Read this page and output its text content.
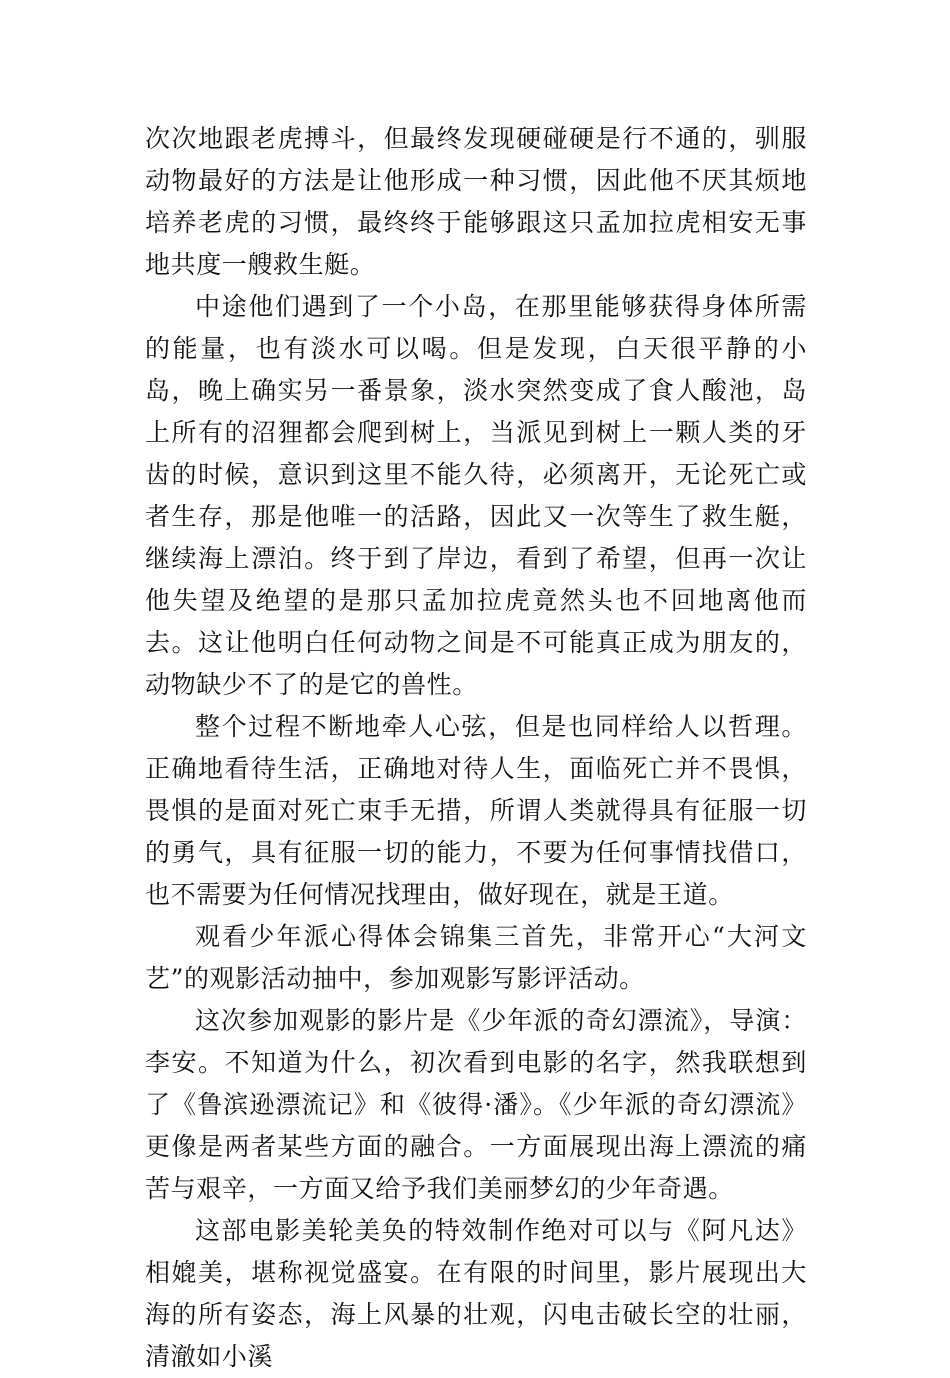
次次地跟老虎搏斗，但最终发现硬碰硬是行不通的，驯服动物最好的方法是让他形成一种习惯，因此他不厌其烦地培养老虎的习惯，最终终于能够跟这只孟加拉虎相安无事地共度一艘救生艇。

中途他们遇到了一个小岛，在那里能够获得身体所需的能量，也有淡水可以喝。但是发现，白天很平静的小岛，晚上确实另一番景象，淡水突然变成了食人酸池，岛上所有的沼狸都会爬到树上，当派见到树上一颗人类的牙齿的时候，意识到这里不能久待，必须离开，无论死亡或者生存，那是他唯一的活路，因此又一次等生了救生艇，继续海上漂泊。终于到了岸边，看到了希望，但再一次让他失望及绝望的是那只孟加拉虎竟然头也不回地离他而去。这让他明白任何动物之间是不可能真正成为朋友的，动物缺少不了的是它的兽性。

整个过程不断地牵人心弦，但是也同样给人以哲理。正确地看待生活，正确地对待人生，面临死亡并不畏惧，畏惧的是面对死亡束手无措，所谓人类就得具有征服一切的勇气，具有征服一切的能力，不要为任何事情找借口，也不需要为任何情况找理由，做好现在，就是王道。

观看少年派心得体会锦集三首先，非常开心“大河文艺”的观影活动抽中，参加观影写影评活动。

这次参加观影的影片是《少年派的奇幻漂流》，导演：李安。不知道为什么，初次看到电影的名字，然我联想到了《鲁滨逊漂流记》和《彼得·潘》。《少年派的奇幻漂流》更像是两者某些方面的融合。一方面展现出海上漂流的痛苦与艰辛，一方面又给予我们美丽梦幻的少年奇遇。

这部电影美轮美奂的特效制作绝对可以与《阿凡达》相媲美，堪称视觉盛宴。在有限的时间里，影片展现出大海的所有姿态，海上风暴的壮观，闪电击破长空的壮丽，清澈如小溪
